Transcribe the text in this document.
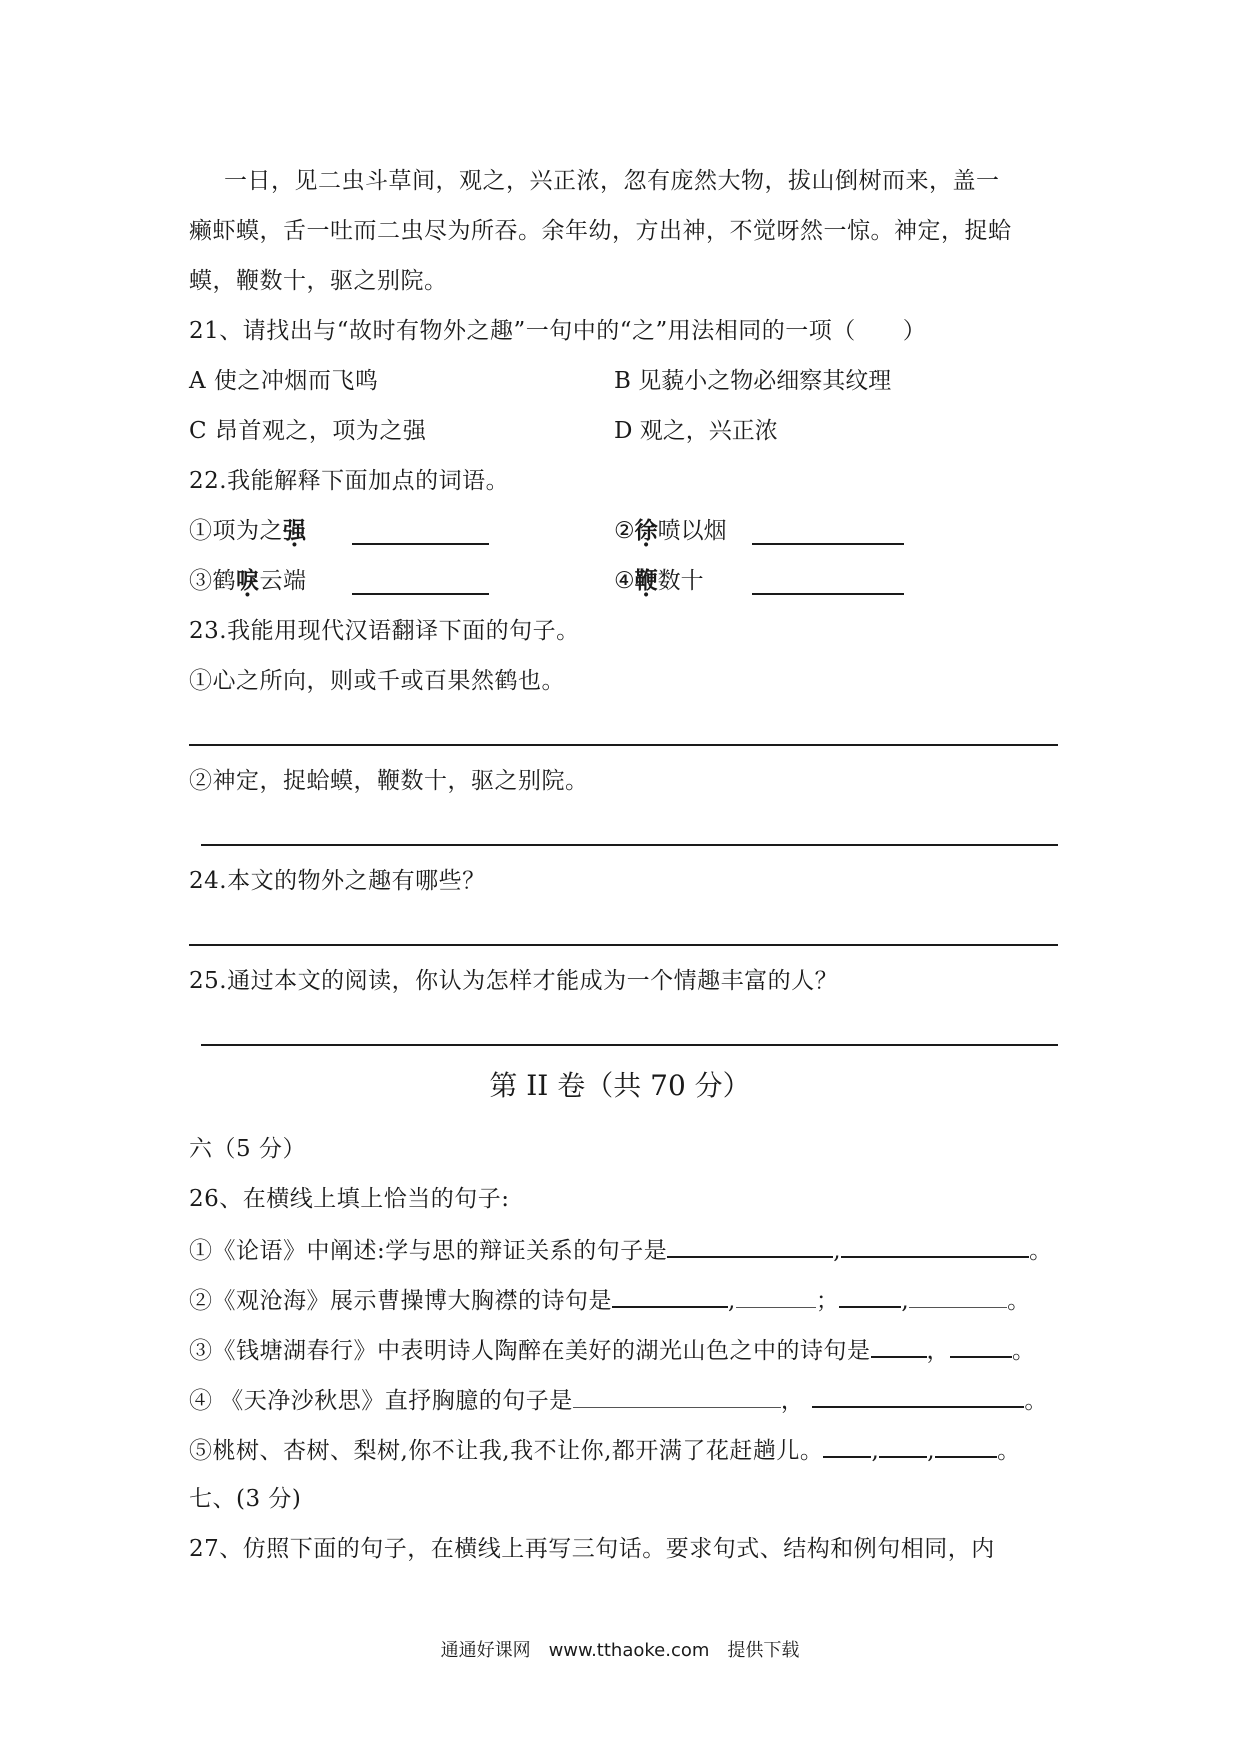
一日，见二虫斗草间，观之，兴正浓，忽有庞然大物，拔山倒树而来，盖一
癞虾蟆，舌一吐而二虫尽为所吞。余年幼，方出神，不觉呀然一惊。神定，捉蛤
蟆，鞭数十，驱之别院。
21、请找出与“故时有物外之趣”一句中的“之”用法相同的一项（　　）
A 使之冲烟而飞鸣	B 见藐小之物必细察其纹理
C 昂首观之，项为之强	D 观之，兴正浓
22.我能解释下面加点的词语。
①项为之强	②徐喷以烟
③鹤唳云端	④鞭数十
23.我能用现代汉语翻译下面的句子。
①心之所向，则或千或百果然鹤也。
②神定，捉蛤蟆，鞭数十，驱之别院。
24.本文的物外之趣有哪些？
25.通过本文的阅读，你认为怎样才能成为一个情趣丰富的人？
第 II 卷（共 70 分）
六（5 分）
26、在横线上填上恰当的句子:
①《论语》中阐述:学与思的辩证关系的句子是	,	。
②《观沧海》展示曹操博大胸襟的诗句是	,	；	,	。
③《钱塘湖春行》中表明诗人陶醉在美好的湖光山色之中的诗句是 ，	。
④ 《天净沙秋思》直抒胸臆的句子是	，	。
⑤桃树、杏树、梨树,你不让我,我不让你,都开满了花赶趟儿。 , ,	。
七、(3 分)
27、仿照下面的句子，在横线上再写三句话。要求句式、结构和例句相同，内
通通好课网　www.tthaoke.com　提供下载
